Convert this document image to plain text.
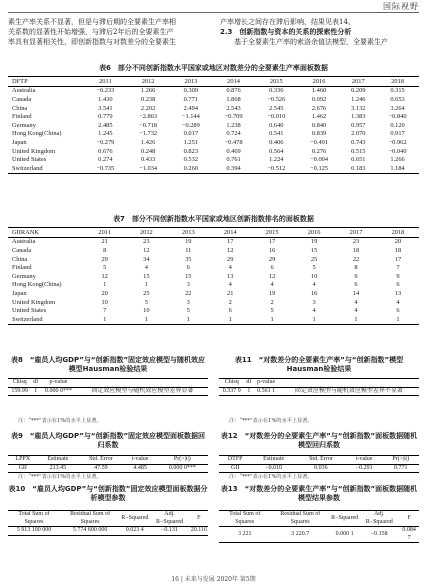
国际视野
素生产率关系不显著，但是与滞后期的全要素生产率相
关系数的显著性开始增强，与滞后2年后的全要素生产
率具有显著相关性，即创新指数与对数差分的全要素生
产率增长之间存在滞后影响，结果见表14。
2.3　创新指数与资本的关系的探索性分析
　　基于全要素生产率的索洛余值法模型，全要素生产
表6　部分不同创新指数水平国家或地区对数差分的全要素生产率面板数据
DFTP	2011	2012	2013	2014	2015	2016	2017	2018
Australia	−0.233	1.266	0.309	0.876	0.336	1.460	0.209	0.315
Canada	1.430	0.238	0.771	1.868	−0.526	0.092	1.246	0.653
China	3.541	2.202	2.494	2.543	2.545	2.676	3.132	3.264
Finland	0.779	−2.863	−1.144	−0.709	−0.010	1.462	1.383	−0.840
Germany	2.485	−0.718	−0.289	1.238	0.640	0.840	0.957	0.120
Hong Kong(China)	1.245	−1.732	0.017	0.724	0.541	0.839	2.070	0.917
Japan	−0.279	1.426	1.251	−0.478	0.406	−0.491	0.743	−0.962
United Kingdom	0.676	0.248	0.823	0.469	0.564	0.276	0.515	−0.040
United States	0.274	0.433	0.532	0.761	1.224	−0.004	0.651	1.266
Switzerland	−0.735	−1.034	0.260	0.394	−0.512	−0.125	0.183	1.184
表7　部分不同创新指数水平国家或地区创新指数排名的面板数据
GIIRANK	2011	2012	2013	2014	2015	2016	2017	2018
Australia	21	23	19	17	17	19	23	20
Canada	8	12	11	12	16	15	18	18
China	29	34	35	29	29	25	22	17
Finland	5	4	6	4	6	5	8	7
Germany	12	15	15	13	12	10	9	9
Hong Kong(China)	1	1	3	4	4	4	6	6
Japan	20	25	22	21	19	16	14	13
United Kingdom	10	5	3	2	2	3	4	4
United States	7	10	5	6	5	4	4	6
Switzerland	1	1	1	1	1	1	1	1
表8　“雇员人均GDP”与“创新指数”固定效应模型与随机效应模型Hausman检验结果
Chisq	df	p-value	
159.99	1	0.000 0***	固定效应模型与随机效应模型差异显著
注：“***”表示在1%的水平上显著。
表11　“对数差分的全要素生产率”与“创新指数”模型Hausman检验结果
Chisq	df	p-value	
0.337 9	1	0.561 1	固定效应模型与随机效应模型差异不显著
注：“***”表示在1%的水平上显著。
表9　“雇员人均GDP”与“创新指数”固定效应模型面板数据回归系数
LPPX	Estimate	Std. Error	t-value	Pr(>|t|)
GII	213.45	47.59	4.485	0.000 0***
注：“***”表示在1%的水平上显著。
表12　“对数差分的全要素生产率”与“创新指数”面板数据随机模型回归系数
DTFP	Estimate	Std. Error	t-value	Pr(>|t|)
GII	−0.010	0.036	−0.291	0.771
注：“***”表示在1%的水平上显著。
表10　“雇员人均GDP”与“创新指数”固定效应模型面板数据分析模型参数
Total Sum of Squares	Residual Sum of Squares	R−Squared	Adj. R−Squared	F
5 913 100 000	5 774 600 000	0.023 4	−0.131	20.116
表13　“对数差分的全要素生产率”与“创新指数”面板数据随机模型结果参数
Total Sum of Squares	Residual Sum of Squares	R−Squared	Adj. R−Squared	F
3 221	3 220.7	0.000 1	−0.158	0.084 7
16 | 未来与发展 2020年 第5期
